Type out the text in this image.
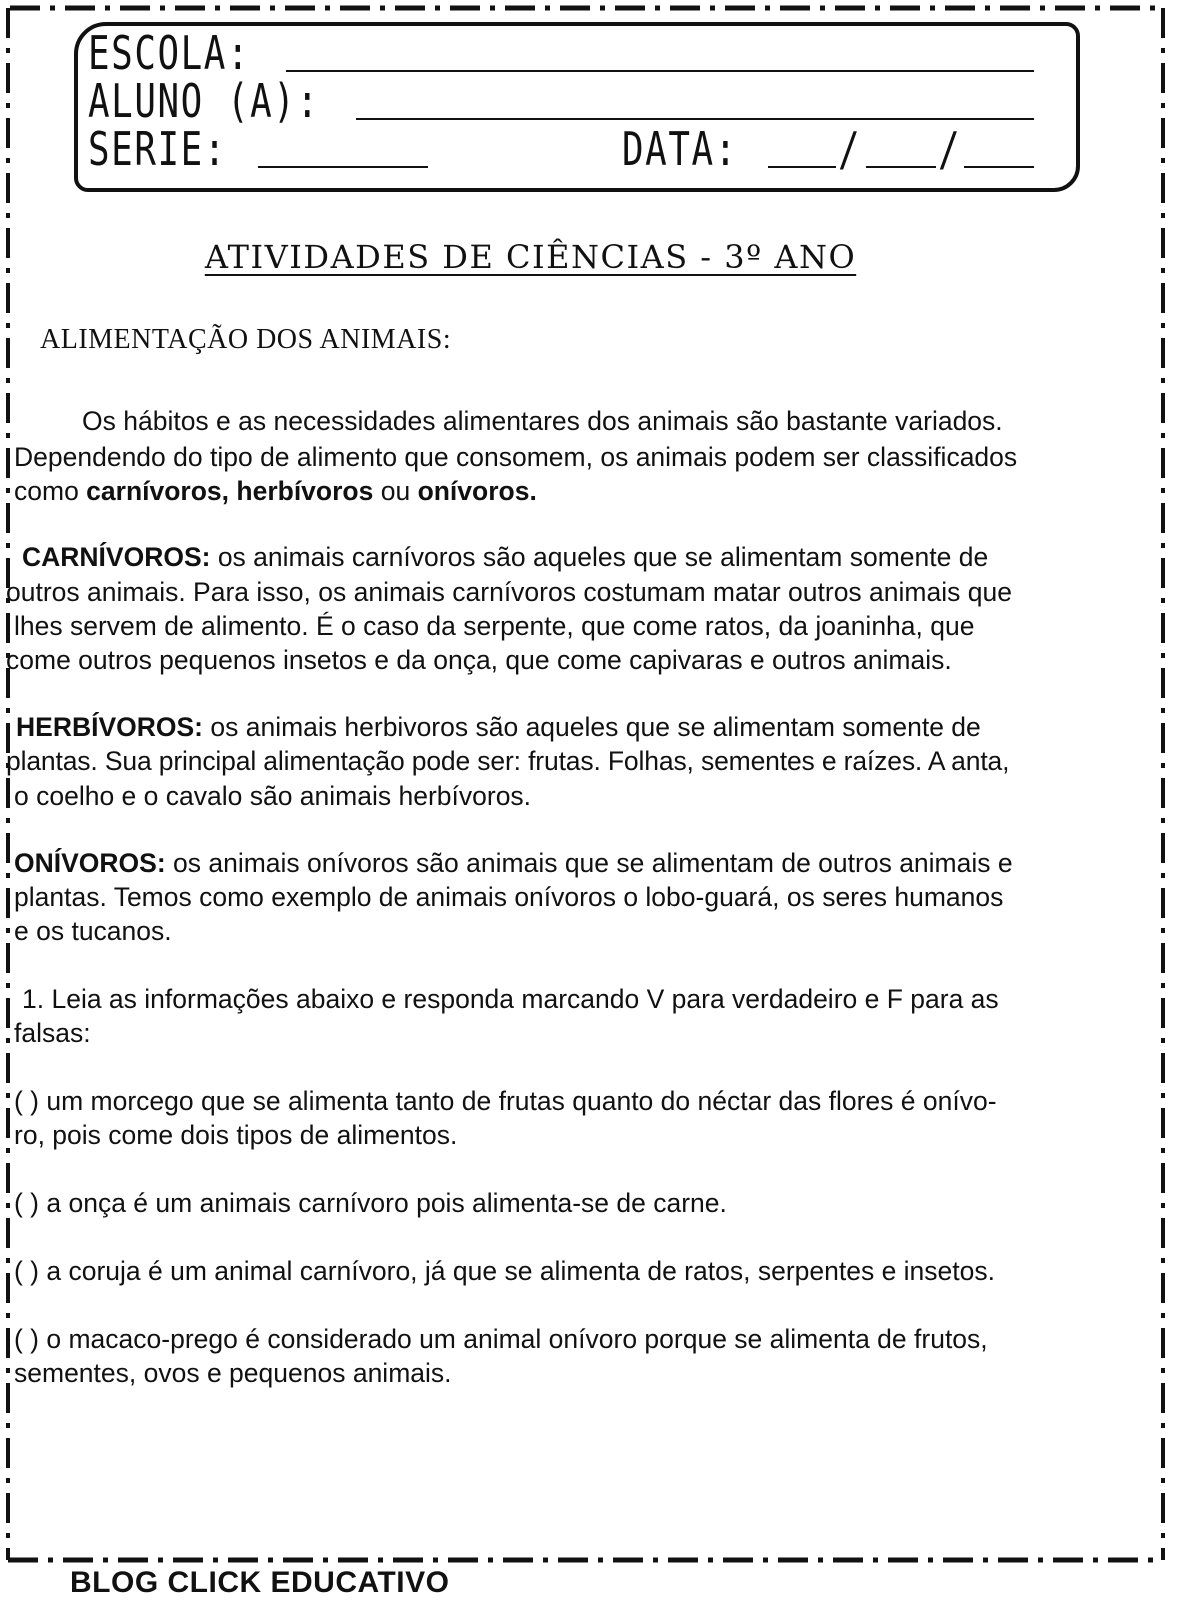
ESCOLA:
ALUNO (A):
SERIE:	DATA: / /
ATIVIDADES DE CIÊNCIAS - 3º ANO
ALIMENTAÇÃO DOS ANIMAIS:
Os hábitos e as necessidades alimentares dos animais são bastante variados.
Dependendo do tipo de alimento que consomem, os animais podem ser classificados
como carnívoros, herbívoros ou onívoros.
CARNÍVOROS: os animais carnívoros são aqueles que se alimentam somente de
outros animais. Para isso, os animais carnívoros costumam matar outros animais que
lhes servem de alimento. É o caso da serpente, que come ratos, da joaninha, que
come outros pequenos insetos e da onça, que come capivaras e outros animais.
HERBÍVOROS: os animais herbivoros são aqueles que se alimentam somente de
plantas. Sua principal alimentação pode ser: frutas. Folhas, sementes e raízes. A anta,
o coelho e o cavalo são animais herbívoros.
ONÍVOROS: os animais onívoros são animais que se alimentam de outros animais e
plantas. Temos como exemplo de animais onívoros o lobo-guará, os seres humanos
e os tucanos.
1. Leia as informações abaixo e responda marcando V para verdadeiro e F para as
falsas:
( ) um morcego que se alimenta tanto de frutas quanto do néctar das flores é onívo-
ro, pois come dois tipos de alimentos.
( ) a onça é um animais carnívoro pois alimenta-se de carne.
( ) a coruja é um animal carnívoro, já que se alimenta de ratos, serpentes e insetos.
( ) o macaco-prego é considerado um animal onívoro porque se alimenta de frutos,
sementes, ovos e pequenos animais.
BLOG CLICK EDUCATIVO
